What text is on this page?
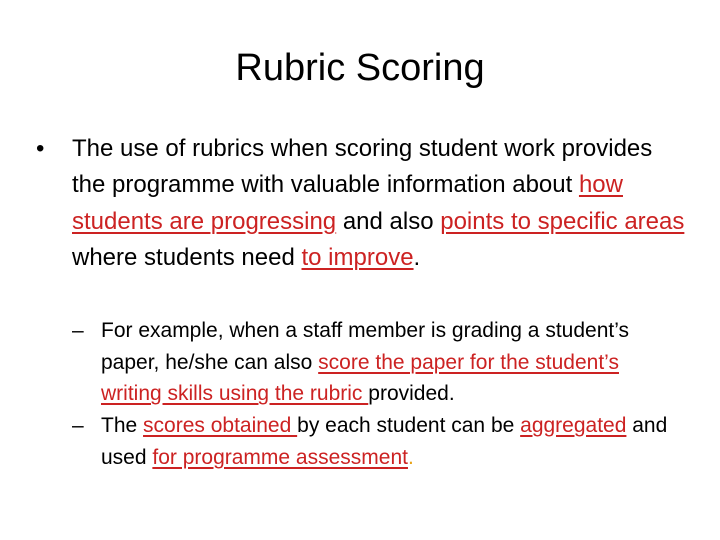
Rubric Scoring
• The use of rubrics when scoring student work provides the programme with valuable information about how students are progressing and also points to specific areas where students need to improve.
– For example, when a staff member is grading a student’s paper, he/she can also score the paper for the student’s writing skills using the rubric provided.
– The scores obtained by each student can be aggregated and used for programme assessment.
